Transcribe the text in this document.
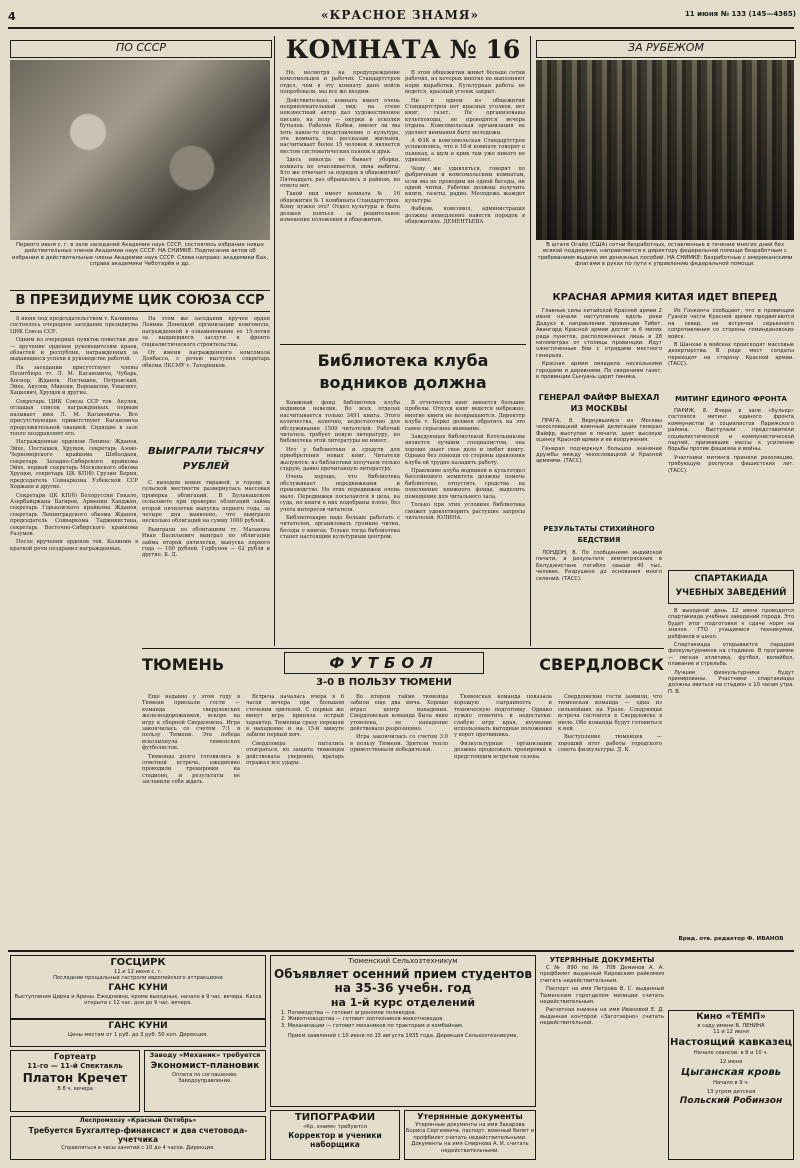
4	«КРАСНОЕ ЗНАМЯ»	11 июня № 133 (145—4365)
ПО СССР
Первого июня с. г. в зале заседаний Академии наук СССР, состоялось избрание новых действительных членов Академии наук СССР. НА СНИМКЕ: Подписание актов об избрании в действительные члены Академии наук СССР. Слева направо: академики Бах, справа академики Чеботарёв и др.
В ПРЕЗИДИУМЕ ЦИК СОЮЗА ССР

8 июня под председательством т. Калинина состоялось очередное заседание президиума ЦИК Союза ССР.

Одним из очередных пунктов повестки дня — вручение орденов руководителям краев, областей и республик, награжденных за выдающиеся успехи в руководстве работой.

На заседании присутствуют члены Политбюро тт. Л. М. Кагановича, Чубарь, Косиор, Жданов, Постышев, Петровский, Эйхе, Акулов, Микоян, Ворошилов, Уншлихт, Хацкевич, Хрущов и другие.

Секретарь ЦИК Союза ССР тов. Акулов, оглашая список награжденных, первым называет имя Л. М. Кагановича. Все присутствующие приветствуют Кагановича продолжительной овацией. Сидящие в зале тепло поздравляют его.

Награжденные орденом Ленина: Жданов, Эйхе, Постышев, Хрущов, секретарь Азово-Черноморского крайкома Шеболдаев, секретарь Западно-Сибирского крайкома Эйхе, первый секретарь Московского обкома Хрущов, секретарь ЦК КП(б) Грузии Берия, председатель Совнаркома Узбекской ССР Ходжаев и другие.

Секретари ЦК КП(б) Белоруссии Гикало, Азербайджана Багиров, Армении Ханджян, секретарь Горьковского крайкома Жданов, секретарь Ленинградского обкома Жданов, председатель Совнаркома Таджикистана, секретарь Восточно-Сибирского крайкома Разумов.

После вручения орденов тов. Калинин в краткой речи поздравил награжденных.

На этом же заседании вручен орден Ленина Донецкой организации комсомола, награжденной в ознаменование ее 15-летия за выдающиеся заслуги в фронте социалистического строительства.

От имени награжденного комсомола Донбасса, с речью выступил секретарь обкома ЛКСМУ т. Татарников.

ВЫИГРАЛИ ТЫСЯЧУ РУБЛЕЙ

С выходом новых тиражей, в городе и сельской местности развернулась массовая проверка облигаций. В Буланашском сельсовете при проверке облигаций займа второй пятилетки выпуска первого года, за четыре дня выявлено, что выиграло несколько облигаций на сумму 1000 рублей.

Выиграли по облигациям тт. Малахова Иван Васильевич выиграл по облигации займа второй пятилетки, выпуска первого года — 100 рублей, Горбунов — 62 рубля и другие. К. Д.

КОМНАТА № 16

Но, несмотря на предупреждение комсомольцев и рабочих Стандартстроя отдел, чем в эту комнату дано войти попробовали, мы все же входим.

Действительно, комната имеет очень непривлекательный вид: на стене неизвестный автор дал художественное письмо, на полу — окурки и осколки бутылок. Рабочие Кобки, имеют ли мы хоть какое-то представление о культуре, эта комната, по рассказам жильцов, насчитывает более 15 человек и является местом систематических пьянок и драк.

Здесь никогда не бывает уборки, комната не отапливается, окна выбиты. Кто же отвечает за порядок в общежитии? Пятнадцать раз обращались в райком, но ответа нет.

Такой вид имеет комната № 16 общежития № 1 комбината Стандартстроя. Кому нужно это? Отдел культуры и быта должен взяться за решительное изменение положения в общежитии.

В этом общежитии живет больше сотни рабочих, из которых многие не выполняют норм выработки. Культурная работа не ведется, красный уголок закрыт.

Ни в одном из общежитий Стандартстроя нет красных уголков, нет книг, газет. Не организованы культпоходы, не проводятся вечера отдыха. Комсомольская организация не уделяет внимания быту молодежи.

А ФЗК и комсомольская Стандартстроя успокоились, что в 16-й комнате говорят о пьянках, а шум и крик там уже никого не удивляет.

Чему же удивляться, говорят по фабричным и комсомольским комнатам, если мы не проводим ни одной беседы, ни одной читки. Рабочие должны получить книги, газеты, радио. Молодежь жаждет культуры.

Фабком, комсомол, администрация должны немедленно навести порядок в общежитиях. ДЕМЕНТЬЕВА.

Библиотека клуба водников должна

Книжный фонд библиотеки клуба водников невелик. Во всех отделах насчитывается только 3491 книга. Этого количества, конечно, недостаточно для обслуживания 1500 читателей. Рабочий читатель требует новую литературу, но библиотека этой литературы не имеет.

Нет у библиотеки и средств для приобретения новых книг. Читатели жалуются: из библиотеки получаем только старую, давно прочитанную литературу.

Очень хорошо, что библиотека обслуживает передвижками и производство. Но этих передвижек очень мало. Передвижки посылаются в цеха, на суда, но книги в них подобраны плохо, без учета интересов читателя.

Библиотекарю надо больше работать с читателем, организовать громкие читки, беседы о книгах. Только тогда библиотека станет настоящим культурным центром.

В отчетности книг имеются большие пробелы. Отпуск книг ведется небрежно, многие книги не возвращаются. Директор клуба т. Берко должен обратить на это самое серьезное внимание.

Заведующая библиотекой Котельникова является лучшим специалистом, она хорошо знает свое дело и любит книгу. Однако без помощи со стороны правления клуба ей трудно наладить работу.

Правление клуба водников и культотдел бассейнового комитета должны помочь библиотеке, отпустить средства на пополнение книжного фонда, выделить помещение для читального зала.

Только при этих условиях библиотека сможет удовлетворить растущие запросы читателей. ЮЛИНА.

ЗА РУБЕЖОМ
В штате Огайо (США) сотни безработных, оставленные в течение многих дней без всякой поддержки, направляются к директору федеральной помощи безработным с требованием выдачи им денежных пособий. НА СНИМКЕ: Безработные с американскими флагами в руках по пути к управлению федеральной помощи.
КРАСНАЯ АРМИЯ КИТАЯ ИДЕТ ВПЕРЕД

Главные силы китайской Красной армии 2 июня начали наступление вдоль реки Дадухэ в направлении провинции Тибет. Авангард Красной армии достиг в 6 милях ряда пунктов, расположенных лишь в 28 километрах от столицы провинции. Идут ожесточенные бои с отрядами местного генерала.

Красная армия овладела несколькими городами и деревнями. По сведениям газет, в провинции Сычуань царит паника.

Из Гонконга сообщают, что в провинции Гуанси части Красной армии продвигаются на север, не встречая серьезного сопротивления со стороны гоминдановских войск.

В Шанхае в войсках происходят массовые дезертирства. В ряде мест солдаты переходят на сторону Красной армии. (ТАСС).

ГЕНЕРАЛ ФАЙФР ВЫЕХАЛ ИЗ МОСКВЫ

ПРАГА, 8. Вернувшийся из Москвы чехословацкий военный делегации генерал Файфр, выступая в печати, дает высокую оценку Красной армии и ее вооружения.

Генерал подчеркнул большое значение дружбы между чехословацкой и Красной армиями. (ТАСС).

РЕЗУЛЬТАТЫ СТИХИЙНОГО БЕДСТВИЯ

ЛОНДОН, 8. По сообщениям индийской печати, в результате землетрясения в Белуджистане погибло свыше 40 тыс. человек. Разрушено до основания много селений. (ТАСС).

МИТИНГ ЕДИНОГО ФРОНТА

ПАРИЖ, 8. Вчера в зале «Бульер» состоялся митинг единого фронта коммунистов и социалистов Парижского района. Выступали представители социалистической и коммунистической партий, призвавшие массы к усилению борьбы против фашизма и войны.

Участники митинга приняли резолюцию, требующую роспуска фашистских лиг. (ТАСС).

СПАРТАКИАДА УЧЕБНЫХ ЗАВЕДЕНИЙ

В выходной день 12 июня проводится спартакиада учебных заведений города. Это будет итог подготовки к сдаче норм на значок ГТО учащимися техникумов, рабфаков и школ.

Спартакиада открывается парадом физкультурников на стадионе. В программе — легкая атлетика, футбол, волейбол, плавание и стрельба.

Лучшие физкультурники будут премированы. Участники спартакиады должны явиться на стадион к 10 часам утра. П. В.

Врид. отв. редактор Ф. ИВАНОВ
ТЮМЕНЬ	ФУТБОЛ	СВЕРДЛОВСК
3-0 В ПОЛЬЗУ ТЮМЕНИ

Еще недавно у этом году в Тюмени приехали гости — команда свердловских железнодорожников, вскоре на игру к сборной Свердловска. Игра закончилась со счетом 7:1 в пользу Тюмени. Эта победа всколыхнула тюменских футболистов.

Тюменцы долго готовились к ответной встрече, ежедневно проводили тренировки на стадионе, и результаты не заставили себя ждать.

Встреча началась вчера в 6 часов вечера при большом стечении зрителей. С первых же минут игра приняла острый характер. Тюменцы сразу перешли в нападение и на 15-й минуте забили первый мяч.

Свердловцы пытались отыграться, но защита тюменцев действовала уверенно, вратарь отражал все удары.

Во втором тайме тюменцы забили еще два мяча. Хорошо играл центр нападения. Свердловская команда была явно утомлена, ее нападение действовало разрозненно.

Игра закончилась со счетом 3:0 в пользу Тюмени. Зрители тепло приветствовали победителей.

Тюменская команда показала хорошую сыгранность и техническую подготовку. Однако нужно отметить и недостатки: слабую игру края, неумение использовать выгодные положения у ворот противника.

Физкультурные организации должны продолжать тренировки к предстоящим встречам сезона.

Свердловские гости заявили, что тюменская команда — одна из сильнейших на Урале. Следующая встреча состоится в Свердловске в июле. Обе команды будут готовиться к ней.

Выступление тюменцев — хороший итог работы городского совета физкультуры. Д. К.

ГОСЦИРК

11 и 12 июня с. г.

Последние прощальные гастроли европейского аттракциона

ГАНС КУНИ

Выступления Цирка и Арены. Ежедневно, кроме выходных, начало в 9 час. вечера. Касса открыта с 12 час. дня до 9 час. вечера.

ГАНС КУНИ

Цены местам от 1 руб. до 3 руб. 50 коп. Дирекция.

Гортеатр
11-го — 11-й Спектакль
Платон Кречет

В 8 ч. вечера

Заводу «Механик» требуется

Экономист-плановик

Оплата по соглашению. Заводоуправление.

Леспромхозу «Красный Октябрь»

Требуется Бухгалтер-финансист и два счетовода-учетчика

Справляться в часы занятий с 10 до 4 часов. Дирекция.

Тюменский Сельхозтехникум

Объявляет осенний прием студентов на 35-36 учебн. год
на 1-й курс отделений

1. Полеводства — готовит агрономов полеводов.

2. Животноводства — готовит зоотехников-животноводов.

3. Механизации — готовит механиков по тракторам и комбайнам.

Прием заявлений с 10 июня по 15 августа 1935 года. Дирекция Сельхозтехникума.

ТИПОГРАФИИ

«Кр. знамя» требуются

Корректор и ученики наборщика
Утерянные документы

Утерянные документы на имя Захарова Бориса Сергеевича, паспорт, военный билет и профбилет считать недействительными.

Документы на имя Смирнова А. И. считать недействительными.

УТЕРЯННЫЕ ДОКУМЕНТЫ

С № 890 по № 708 Деминов А. А. профбилет выданный Кировским райкомом считать недействительным.

Паспорт на имя Петрова В. С. выданный Тюменским горотделом милиции считать недействительным.

Расчетная книжка на имя Ивановой Е. Д. выданная конторой «Заготзерно» считать недействительной.

Кино «ТЕМП»

в саду имени В. ЛЕНИНА

11 и 12 июня

Настоящий кавказец

Начало сеансов: в 8 и 10 ч.

12 июня

Цыганская кровь

Начало в 9 ч.

13 утром детская

Польский Робинзон
